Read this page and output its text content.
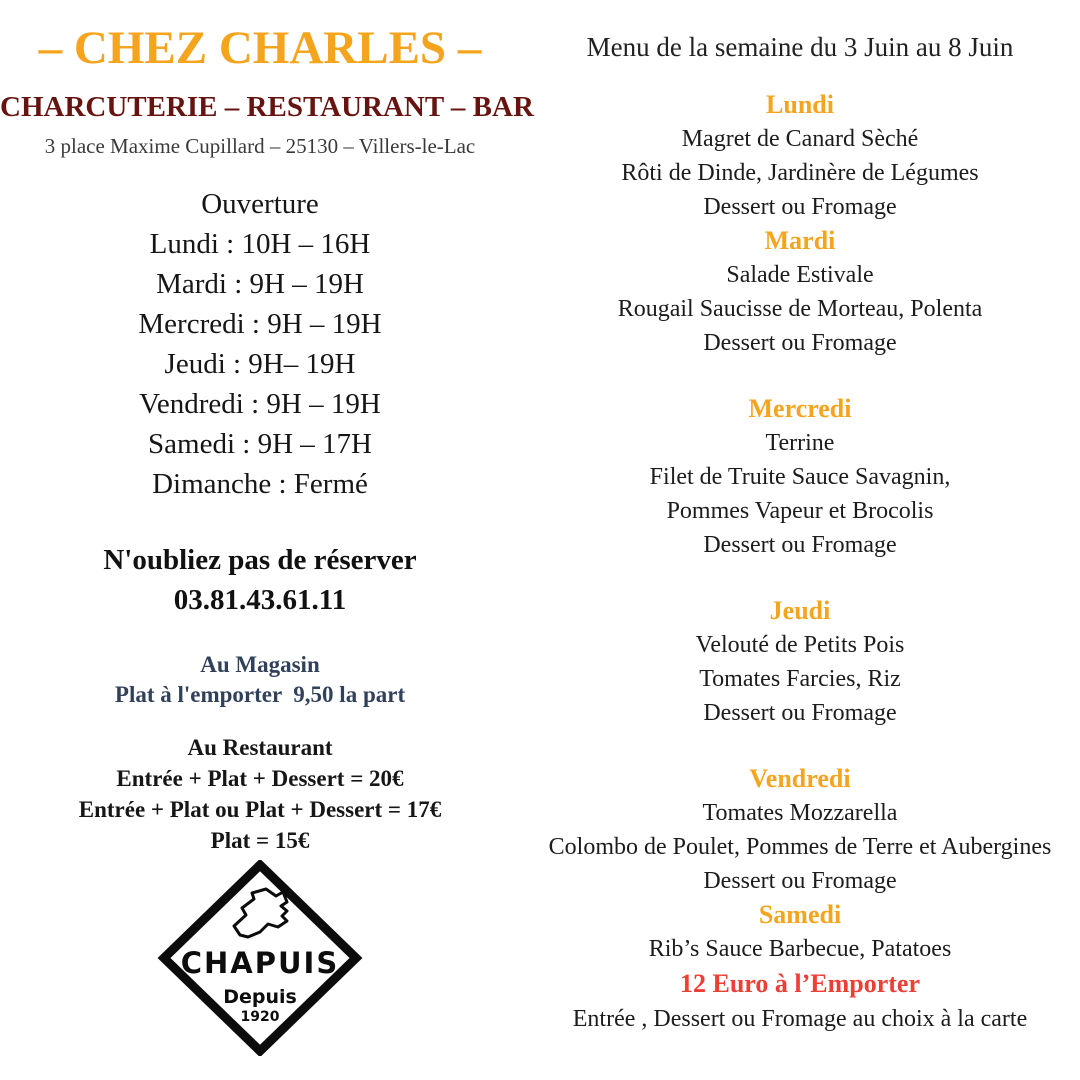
– CHEZ CHARLES –
CHARCUTERIE – RESTAURANT – BAR
3 place Maxime Cupillard – 25130 – Villers-le-Lac
Ouverture
Lundi : 10H – 16H
Mardi : 9H – 19H
Mercredi : 9H – 19H
Jeudi : 9H– 19H
Vendredi : 9H – 19H
Samedi : 9H – 17H
Dimanche : Fermé
N'oubliez pas de réserver
03.81.43.61.11
Au Magasin
Plat à l'emporter  9,50 la part
Au Restaurant
Entrée + Plat + Dessert = 20€
Entrée + Plat ou Plat + Dessert = 17€
Plat = 15€
CHAPUIS
Depuis
1920
Menu de la semaine du 3 Juin au 8 Juin
Lundi
Magret de Canard Sèché
Rôti de Dinde, Jardinère de Légumes
Dessert ou Fromage
Mardi
Salade Estivale
Rougail Saucisse de Morteau, Polenta
Dessert ou Fromage
Mercredi
Terrine
Filet de Truite Sauce Savagnin,
Pommes Vapeur et Brocolis
Dessert ou Fromage
Jeudi
Velouté de Petits Pois
Tomates Farcies, Riz
Dessert ou Fromage
Vendredi
Tomates Mozzarella
Colombo de Poulet, Pommes de Terre et Aubergines
Dessert ou Fromage
Samedi
Rib’s Sauce Barbecue, Patatoes
12 Euro à l’Emporter
Entrée , Dessert ou Fromage au choix à la carte
